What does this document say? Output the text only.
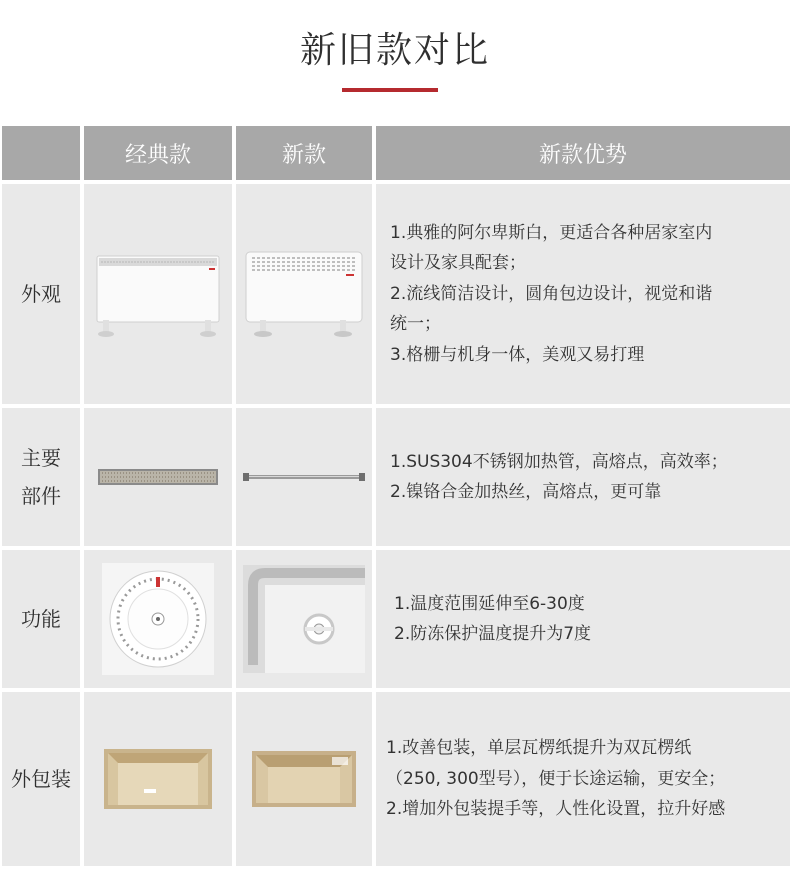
新旧款对比
经典款	新款	新款优势
外观
1.典雅的阿尔卑斯白，更适合各种居家室内
设计及家具配套；
2.流线简洁设计，圆角包边设计，视觉和谐
统一；
3.格栅与机身一体，美观又易打理
主要
部件
1.SUS304不锈钢加热管，高熔点，高效率；
2.镍铬合金加热丝，高熔点，更可靠
功能
1.温度范围延伸至6-30度
2.防冻保护温度提升为7度
外包装
1.改善包装，单层瓦楞纸提升为双瓦楞纸
（250, 300型号），便于长途运输，更安全；
2.增加外包装提手等，人性化设置，拉升好感
